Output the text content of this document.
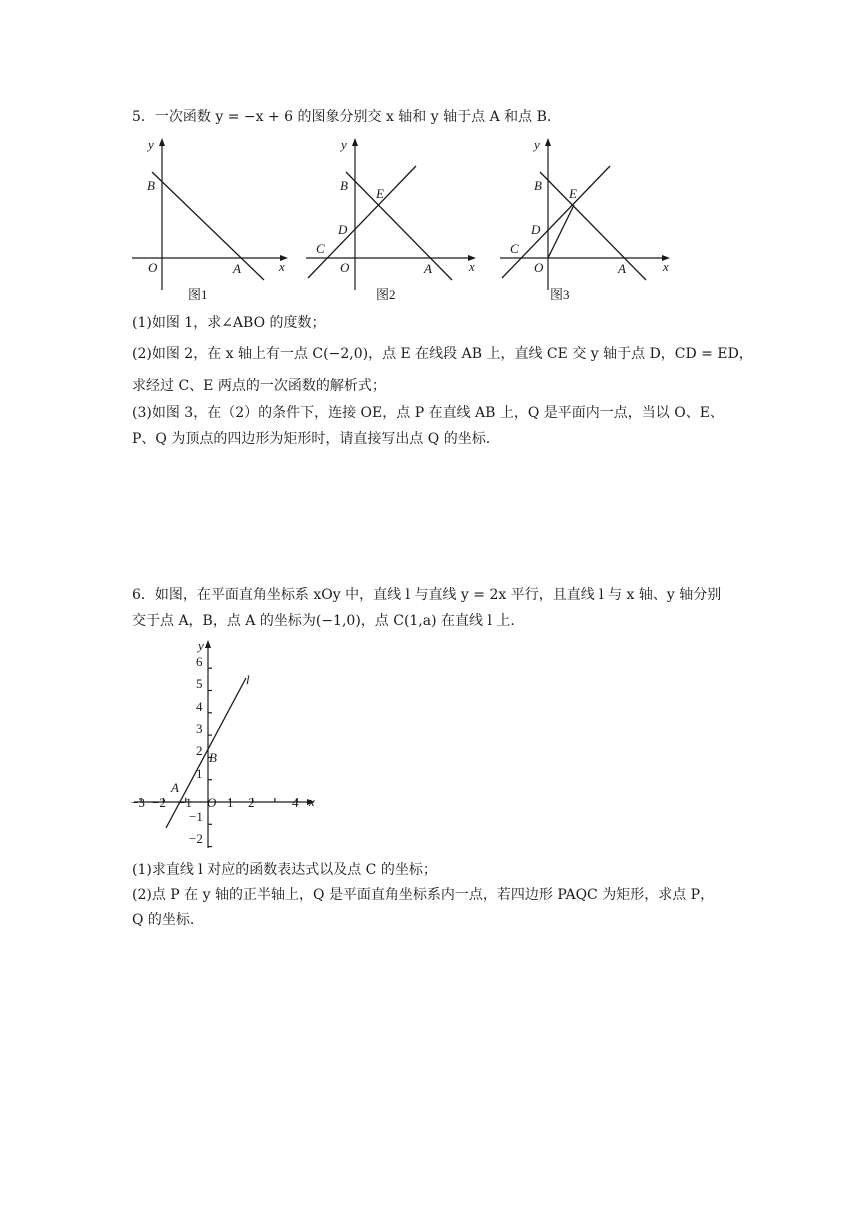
5．一次函数 y = −x + 6 的图象分别交 x 轴和 y 轴于点 A 和点 B.
y
x
O
B
A
图1
y
x
O
B
E
D
C
A
图2
y
x
O
B
E
D
C
A
图3
(1)如图 1，求∠ABO 的度数；
(2)如图 2，在 x 轴上有一点 C(−2,0)，点 E 在线段 AB 上，直线 CE 交 y 轴于点 D，CD = ED，
求经过 C、E 两点的一次函数的解析式；
(3)如图 3，在（2）的条件下，连接 OE，点 P 在直线 AB 上，Q 是平面内一点，当以 O、E、
P、Q 为顶点的四边形为矩形时，请直接写出点 Q 的坐标.
6．如图，在平面直角坐标系 xOy 中，直线 l 与直线 y = 2x 平行，且直线 l 与 x 轴、y 轴分别
交于点 A，B，点 A 的坐标为(−1,0)，点 C(1,a) 在直线 l 上.
y
x
O
l
A
B
6
5
4
3
2
1
−1
−2
−3 −2 −1	1 2	4
(1)求直线 l 对应的函数表达式以及点 C 的坐标；
(2)点 P 在 y 轴的正半轴上，Q 是平面直角坐标系内一点，若四边形 PAQC 为矩形，求点 P，
Q 的坐标.
